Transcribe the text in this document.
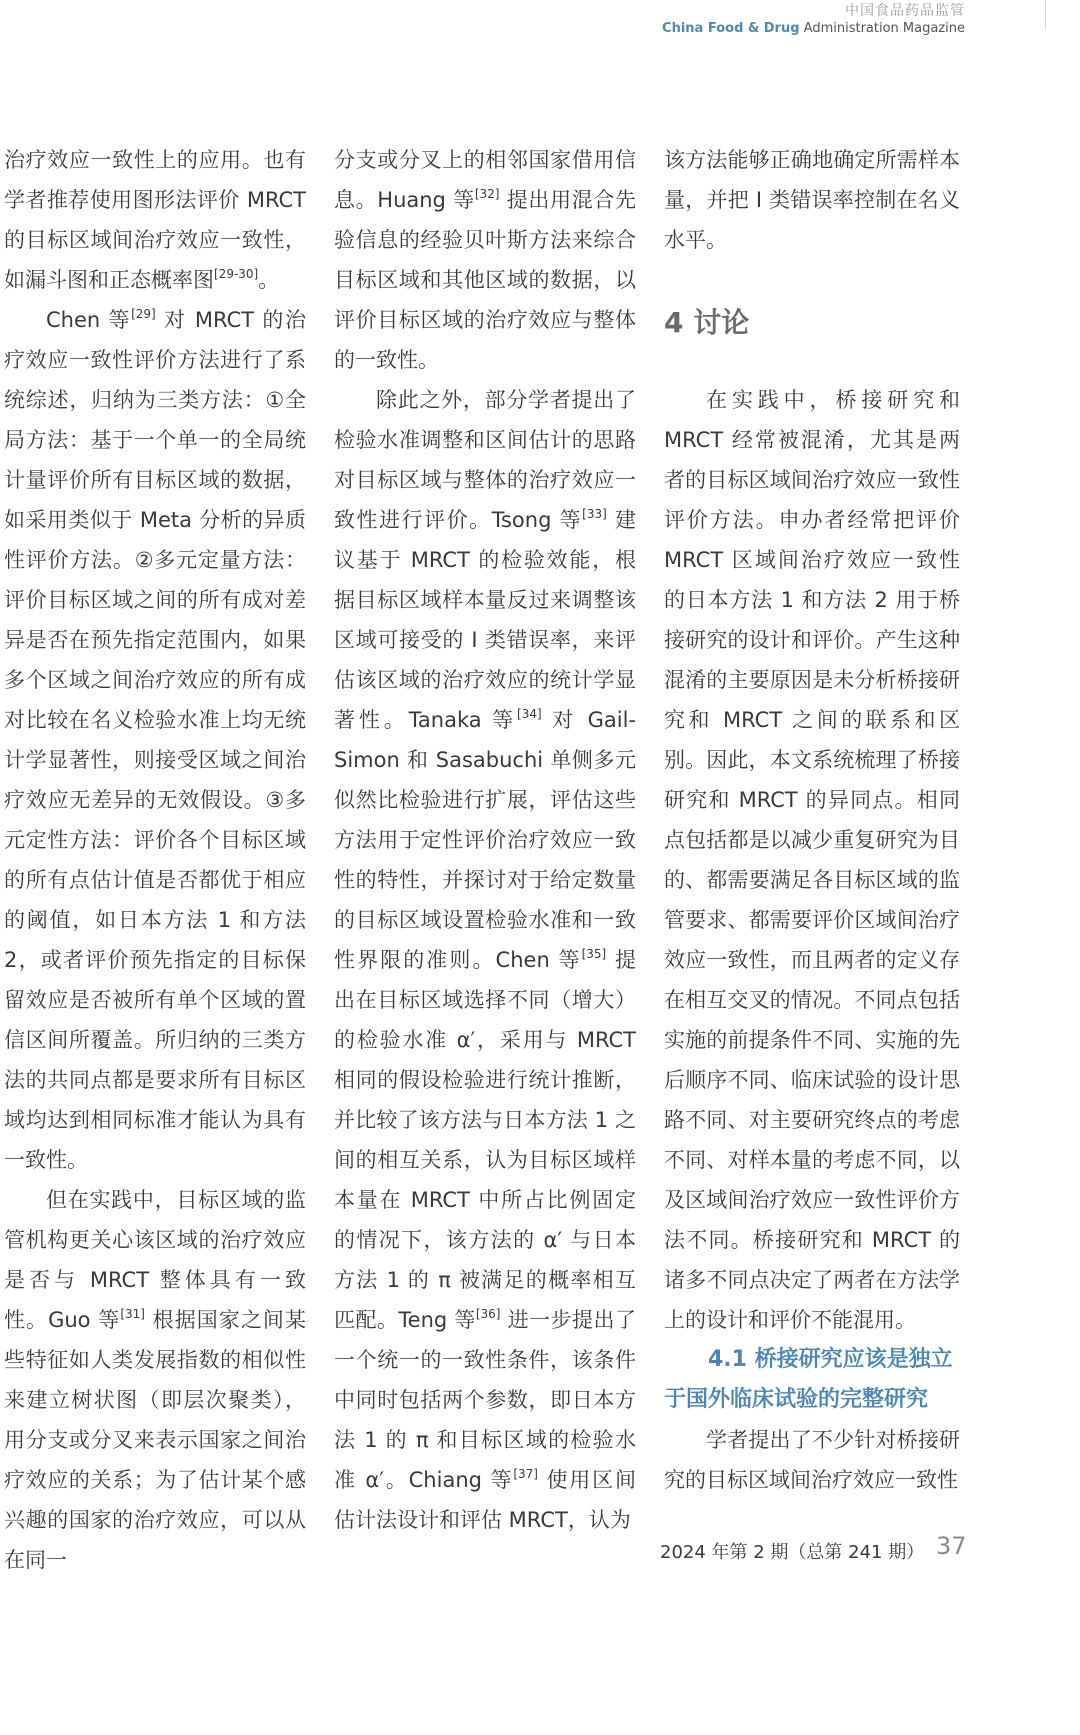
中国食品药品监管
China Food & Drug Administration Magazine

治疗效应一致性上的应用。也有学者推荐使用图形法评价 MRCT 的目标区域间治疗效应一致性，如漏斗图和正态概率图[29-30]。

Chen 等[29] 对 MRCT 的治疗效应一致性评价方法进行了系统综述，归纳为三类方法：①全局方法：基于一个单一的全局统计量评价所有目标区域的数据，如采用类似于 Meta 分析的异质性评价方法。②多元定量方法：评价目标区域之间的所有成对差异是否在预先指定范围内，如果多个区域之间治疗效应的所有成对比较在名义检验水准上均无统计学显著性，则接受区域之间治疗效应无差异的无效假设。③多元定性方法：评价各个目标区域的所有点估计值是否都优于相应的阈值，如日本方法 1 和方法 2，或者评价预先指定的目标保留效应是否被所有单个区域的置信区间所覆盖。所归纳的三类方法的共同点都是要求所有目标区域均达到相同标准才能认为具有一致性。

但在实践中，目标区域的监管机构更关心该区域的治疗效应是否与 MRCT 整体具有一致性。Guo 等[31] 根据国家之间某些特征如人类发展指数的相似性来建立树状图（即层次聚类），用分支或分叉来表示国家之间治疗效应的关系；为了估计某个感兴趣的国家的治疗效应，可以从在同一

分支或分叉上的相邻国家借用信息。Huang 等[32] 提出用混合先验信息的经验贝叶斯方法来综合目标区域和其他区域的数据，以评价目标区域的治疗效应与整体的一致性。

除此之外，部分学者提出了检验水准调整和区间估计的思路对目标区域与整体的治疗效应一致性进行评价。Tsong 等[33] 建议基于 MRCT 的检验效能，根据目标区域样本量反过来调整该区域可接受的 I 类错误率，来评估该区域的治疗效应的统计学显著性。Tanaka 等[34] 对 Gail-Simon 和 Sasabuchi 单侧多元似然比检验进行扩展，评估这些方法用于定性评价治疗效应一致性的特性，并探讨对于给定数量的目标区域设置检验水准和一致性界限的准则。Chen 等[35] 提出在目标区域选择不同（增大）的检验水准 α′，采用与 MRCT 相同的假设检验进行统计推断，并比较了该方法与日本方法 1 之间的相互关系，认为目标区域样本量在 MRCT 中所占比例固定的情况下，该方法的 α′ 与日本方法 1 的 π 被满足的概率相互匹配。Teng 等[36] 进一步提出了一个统一的一致性条件，该条件中同时包括两个参数，即日本方法 1 的 π 和目标区域的检验水准 α′。Chiang 等[37] 使用区间估计法设计和评估 MRCT，认为

该方法能够正确地确定所需样本量，并把 I 类错误率控制在名义水平。

4 讨论

在实践中，桥接研究和 MRCT 经常被混淆，尤其是两者的目标区域间治疗效应一致性评价方法。申办者经常把评价 MRCT 区域间治疗效应一致性的日本方法 1 和方法 2 用于桥接研究的设计和评价。产生这种混淆的主要原因是未分析桥接研究和 MRCT 之间的联系和区别。因此，本文系统梳理了桥接研究和 MRCT 的异同点。相同点包括都是以减少重复研究为目的、都需要满足各目标区域的监管要求、都需要评价区域间治疗效应一致性，而且两者的定义存在相互交叉的情况。不同点包括实施的前提条件不同、实施的先后顺序不同、临床试验的设计思路不同、对主要研究终点的考虑不同、对样本量的考虑不同，以及区域间治疗效应一致性评价方法不同。桥接研究和 MRCT 的诸多不同点决定了两者在方法学上的设计和评价不能混用。

4.1 桥接研究应该是独立
于国外临床试验的完整研究

学者提出了不少针对桥接研究的目标区域间治疗效应一致性

2024 年第 2 期（总第 241 期） 37
